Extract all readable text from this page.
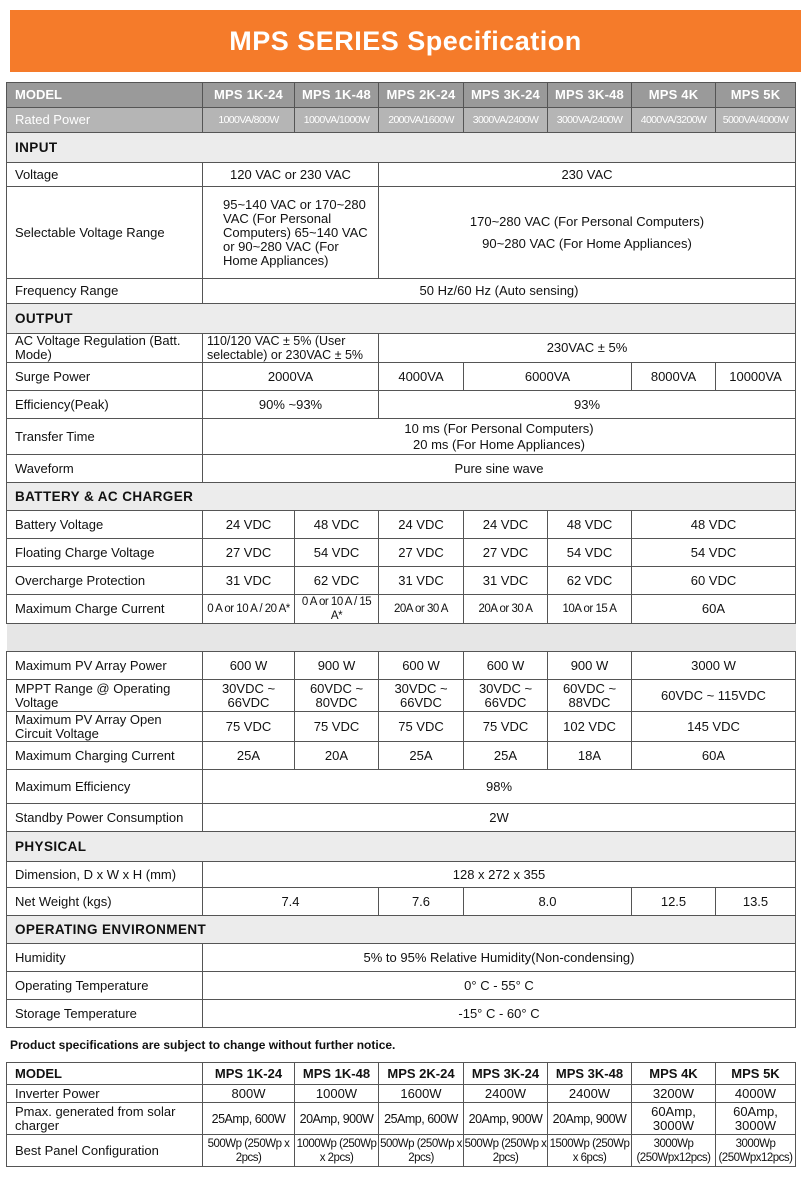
MPS SERIES Specification
MODEL	MPS 1K-24	MPS 1K-48	MPS 2K-24	MPS 3K-24	MPS 3K-48	MPS 4K	MPS 5K
Rated Power	1000VA/800W	1000VA/1000W	2000VA/1600W	3000VA/2400W	3000VA/2400W	4000VA/3200W	5000VA/4000W
INPUT							
Voltage	120 VAC or 230 VAC		230 VAC				
Selectable Voltage Range	95~140 VAC or 170~280 VAC (For Personal Computers) 65~140 VAC or 90~280 VAC (For Home Appliances)		170~280 VAC (For Personal Computers)
90~280 VAC (For Home Appliances)				

Frequency Range	50 Hz/60 Hz (Auto sensing)						
OUTPUT							
AC Voltage Regulation (Batt. Mode)	110/120 VAC ± 5% (User selectable) or 230VAC ± 5%		230VAC ± 5%				
Surge Power	2000VA		4000VA	6000VA		8000VA	10000VA
Efficiency(Peak)	90% ~93%		93%				
Transfer Time	10 ms (For Personal Computers)
20 ms (For Home Appliances)						

Waveform	Pure sine wave						
BATTERY & AC CHARGER							
Battery Voltage	24 VDC	48 VDC	24 VDC	24 VDC	48 VDC	48 VDC	
Floating Charge Voltage	27 VDC	54 VDC	27 VDC	27 VDC	54 VDC	54 VDC	
Overcharge Protection	31 VDC	62 VDC	31 VDC	31 VDC	62 VDC	60 VDC	
Maximum Charge Current	0 A or 10 A / 20 A*	0 A or 10 A / 15 A*	20A or 30 A	20A or 30 A	10A or 15 A	60A	

Maximum PV Array Power	600 W	900 W	600 W	600 W	900 W	3000 W	
MPPT Range @ Operating Voltage	30VDC ~ 66VDC	60VDC ~ 80VDC	30VDC ~ 66VDC	30VDC ~ 66VDC	60VDC ~ 88VDC	60VDC ~ 115VDC	
Maximum PV Array Open Circuit Voltage	75 VDC	75 VDC	75 VDC	75 VDC	102 VDC	145 VDC	
Maximum Charging Current	25A	20A	25A	25A	18A	60A	
Maximum Efficiency	98%						
Standby Power Consumption	2W						
PHYSICAL							
Dimension, D x W x H (mm)	128 x 272 x 355						
Net Weight (kgs)	7.4		7.6	8.0		12.5	13.5
OPERATING ENVIRONMENT							
Humidity	5% to 95% Relative Humidity(Non-condensing)						
Operating Temperature	0° C - 55° C						
Storage Temperature	-15° C - 60° C						
Product specifications are subject to change without further notice.
MODEL	MPS 1K-24	MPS 1K-48	MPS 2K-24	MPS 3K-24	MPS 3K-48	MPS 4K	MPS 5K
Inverter Power	800W	1000W	1600W	2400W	2400W	3200W	4000W
Pmax. generated from solar charger	25Amp, 600W	20Amp, 900W	25Amp, 600W	20Amp, 900W	20Amp, 900W	60Amp, 3000W	60Amp, 3000W
Best Panel Configuration	500Wp (250Wp x 2pcs)	1000Wp (250Wp x 2pcs)	500Wp (250Wp x 2pcs)	500Wp (250Wp x 2pcs)	1500Wp (250Wp x 6pcs)	3000Wp (250Wpx12pcs)	3000Wp (250Wpx12pcs)
